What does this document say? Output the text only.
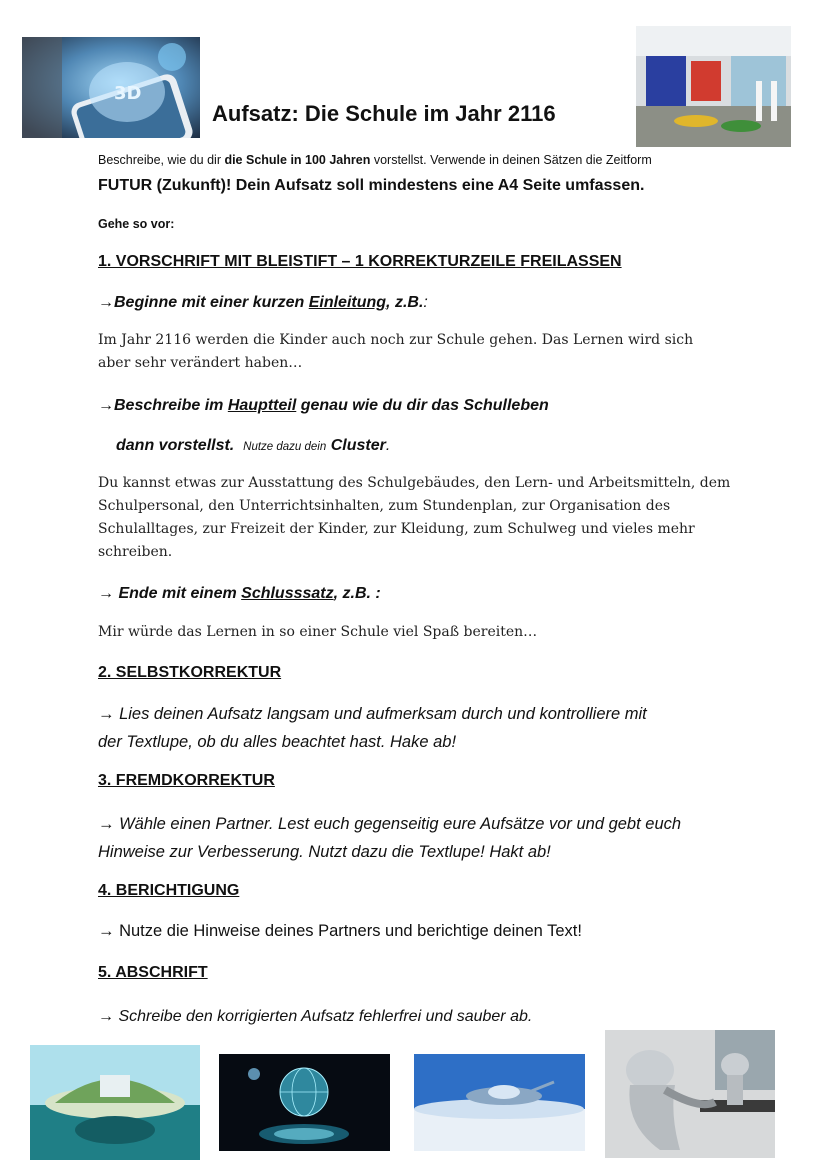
3D
Aufsatz: Die Schule im Jahr 2116
Beschreibe, wie du dir die Schule in 100 Jahren vorstellst. Verwende in deinen Sätzen die Zeitform
FUTUR (Zukunft)! Dein Aufsatz soll mindestens eine A4 Seite umfassen.
Gehe so vor:
1. VORSCHRIFT MIT BLEISTIFT – 1 KORREKTURZEILE FREILASSEN
→Beginne mit einer kurzen Einleitung, z.B.:
Im Jahr 2116 werden die Kinder auch noch zur Schule gehen. Das Lernen wird sich
aber sehr verändert haben…
→Beschreibe im Hauptteil genau wie du dir das Schulleben
dann vorstellst. Nutze dazu dein Cluster.
Du kannst etwas zur Ausstattung des Schulgebäudes, den Lern- und Arbeitsmitteln, dem
Schulpersonal, den Unterrichtsinhalten, zum Stundenplan, zur Organisation des
Schulalltages, zur Freizeit der Kinder, zur Kleidung, zum Schulweg und vieles mehr
schreiben.
→ Ende mit einem Schlusssatz, z.B. :
Mir würde das Lernen in so einer Schule viel Spaß bereiten…
2. SELBSTKORREKTUR
→ Lies deinen Aufsatz langsam und aufmerksam durch und kontrolliere mit
der Textlupe, ob du alles beachtet hast. Hake ab!
3. FREMDKORREKTUR
→ Wähle einen Partner. Lest euch gegenseitig eure Aufsätze vor und gebt euch
Hinweise zur Verbesserung. Nutzt dazu die Textlupe! Hakt ab!
4. BERICHTIGUNG
→ Nutze die Hinweise deines Partners und berichtige deinen Text!
5. ABSCHRIFT
→ Schreibe den korrigierten Aufsatz fehlerfrei und sauber ab.
